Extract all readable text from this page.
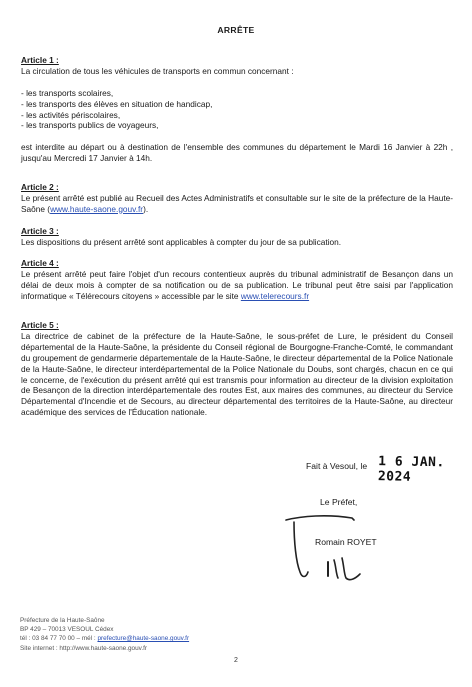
ARRÊTE
Article 1 :
La circulation de tous les véhicules de transports en commun concernant :
- les transports scolaires,
- les transports des élèves en situation de handicap,
- les activités périscolaires,
- les transports publics de voyageurs,
est interdite au départ ou à destination de l'ensemble des communes du département le Mardi 16 Janvier à 22h , jusqu'au Mercredi 17 Janvier à 14h.
Article 2 :
Le présent arrêté est publié au Recueil des Actes Administratifs et consultable sur le site de la préfecture de la Haute-Saône (www.haute-saone.gouv.fr).
Article 3 :
Les dispositions du présent arrêté sont applicables à compter du jour de sa publication.
Article 4 :
Le présent arrêté peut faire l'objet d'un recours contentieux auprès du tribunal administratif de Besançon dans un délai de deux mois à compter de sa notification ou de sa publication. Le tribunal peut être saisi par l'application informatique « Télérecours citoyens » accessible par le site www.telerecours.fr
Article 5 :
La directrice de cabinet de la préfecture de la Haute-Saône, le sous-préfet de Lure, le président du Conseil départemental de la Haute-Saône, la présidente du Conseil régional de Bourgogne-Franche-Comté, le commandant du groupement de gendarmerie départementale de la Haute-Saône, le directeur départemental de la Police Nationale de la Haute-Saône, le directeur interdépartemental de la Police Nationale du Doubs, sont chargés, chacun en ce qui le concerne, de l'exécution du présent arrêté qui est transmis pour information au directeur de la division exploitation de Besançon de la direction interdépartementale des routes Est, aux maires des communes, au directeur du Service Départemental d'Incendie et de Secours, au directeur départemental des territoires de la Haute-Saône, au directeur académique des services de l'Éducation nationale.
Fait à Vesoul, le 1 6 JAN. 2024
Le Préfet,
Romain ROYET
Préfecture de la Haute-Saône
BP 429 – 70013 VESOUL Cédex
tél : 03 84 77 70 00 – mél : prefecture@haute-saone.gouv.fr
Site internet : http://www.haute-saone.gouv.fr
2
